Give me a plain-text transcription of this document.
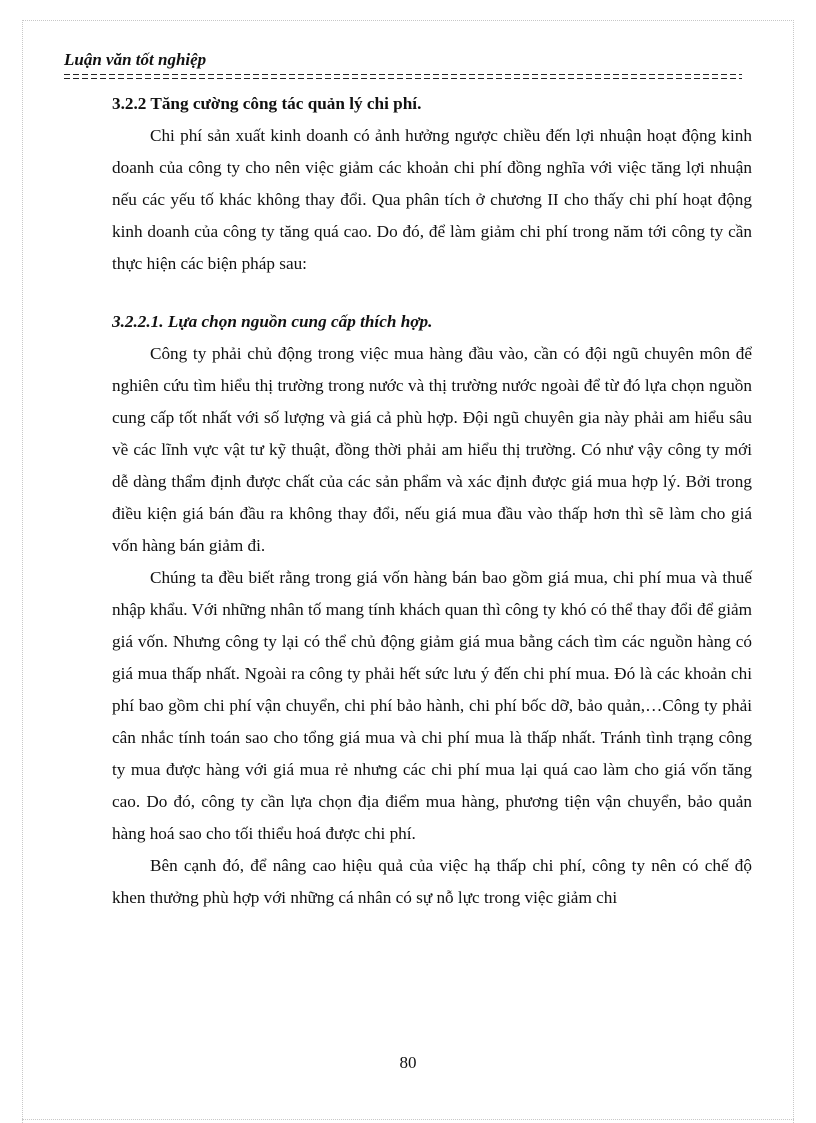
Luận văn tốt nghiệp

3.2.2 Tăng cường công tác quản lý chi phí.

Chi phí sản xuất kinh doanh có ảnh hưởng ngược chiều đến lợi nhuận hoạt động kinh doanh của công ty cho nên việc giảm các khoản chi phí đồng nghĩa với việc tăng lợi nhuận nếu các yếu tố khác không thay đổi. Qua phân tích ở chương II cho thấy chi phí hoạt động kinh doanh của công ty tăng quá cao. Do đó, để làm giảm chi phí trong năm tới công ty cần thực hiện các biện pháp sau:

3.2.2.1. Lựa chọn nguồn cung cấp thích hợp.

Công ty phải chủ động trong việc mua hàng đầu vào, cần có đội ngũ chuyên môn để nghiên cứu tìm hiểu thị trường trong nước và thị trường nước ngoài để từ đó lựa chọn nguồn cung cấp tốt nhất với số lượng và giá cả phù hợp. Đội ngũ chuyên gia này phải am hiểu sâu về các lĩnh vực vật tư kỹ thuật, đồng thời phải am hiểu thị trường. Có như vậy công ty mới dễ dàng thẩm định được chất của các sản phẩm và xác định được giá mua hợp lý. Bởi trong điều kiện giá bán đầu ra không thay đổi, nếu giá mua đầu vào thấp hơn thì sẽ làm cho giá vốn hàng bán giảm đi.

Chúng ta đều biết rằng trong giá vốn hàng bán bao gồm giá mua, chi phí mua và thuế nhập khẩu. Với những nhân tố mang tính khách quan thì công ty khó có thể thay đổi để giảm giá vốn. Nhưng công ty lại có thể chủ động giảm giá mua bằng cách tìm các nguồn hàng có giá mua thấp nhất. Ngoài ra công ty phải hết sức lưu ý đến chi phí mua. Đó là các khoản chi phí bao gồm chi phí vận chuyển, chi phí bảo hành, chi phí bốc dỡ, bảo quản,…Công ty phải cân nhắc tính toán sao cho tổng giá mua và chi phí mua là thấp nhất. Tránh tình trạng công ty mua được hàng với giá mua rẻ nhưng các chi phí mua lại quá cao làm cho giá vốn tăng cao. Do đó, công ty cần lựa chọn địa điểm mua hàng, phương tiện vận chuyển, bảo quản hàng hoá sao cho tối thiểu hoá được chi phí.

Bên cạnh đó, để nâng cao hiệu quả của việc hạ thấp chi phí, công ty nên có chế độ khen thưởng phù hợp với những cá nhân có sự nỗ lực trong việc giảm chi

80
